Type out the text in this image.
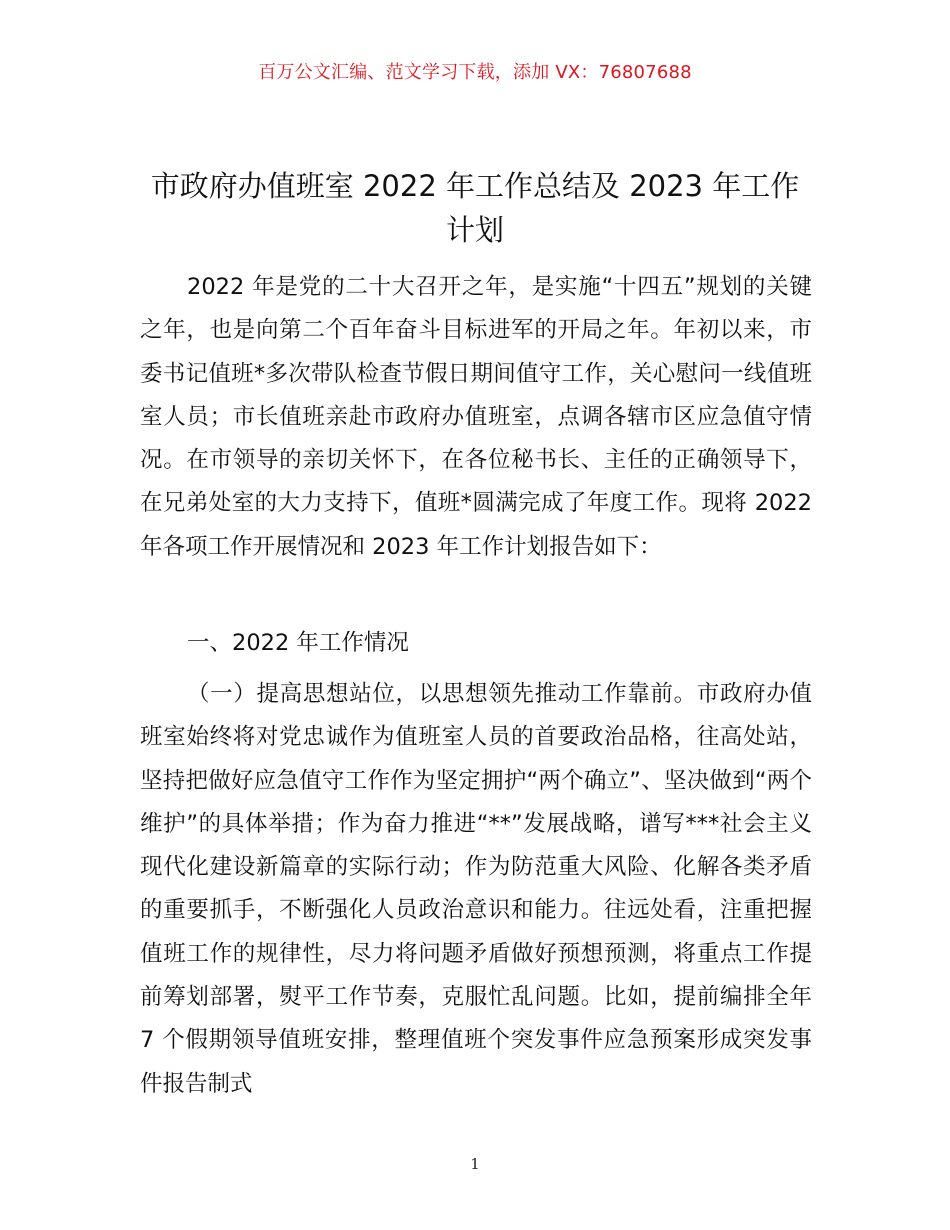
百万公文汇编、范文学习下载，添加 VX：76807688
市政府办值班室 2022 年工作总结及 2023 年工作计划
2022 年是党的二十大召开之年，是实施“十四五”规划的关键之年，也是向第二个百年奋斗目标进军的开局之年。年初以来，市委书记值班*多次带队检查节假日期间值守工作，关心慰问一线值班室人员；市长值班亲赴市政府办值班室，点调各辖市区应急值守情况。在市领导的亲切关怀下，在各位秘书长、主任的正确领导下，在兄弟处室的大力支持下，值班*圆满完成了年度工作。现将 2022 年各项工作开展情况和 2023 年工作计划报告如下：
一、2022 年工作情况
（一）提高思想站位，以思想领先推动工作靠前。市政府办值班室始终将对党忠诚作为值班室人员的首要政治品格，往高处站，坚持把做好应急值守工作作为坚定拥护“两个确立”、坚决做到“两个维护”的具体举措；作为奋力推进“**”发展战略，谱写***社会主义现代化建设新篇章的实际行动；作为防范重大风险、化解各类矛盾的重要抓手，不断强化人员政治意识和能力。往远处看，注重把握值班工作的规律性，尽力将问题矛盾做好预想预测，将重点工作提前筹划部署，熨平工作节奏，克服忙乱问题。比如，提前编排全年 7 个假期领导值班安排，整理值班个突发事件应急预案形成突发事件报告制式
1
